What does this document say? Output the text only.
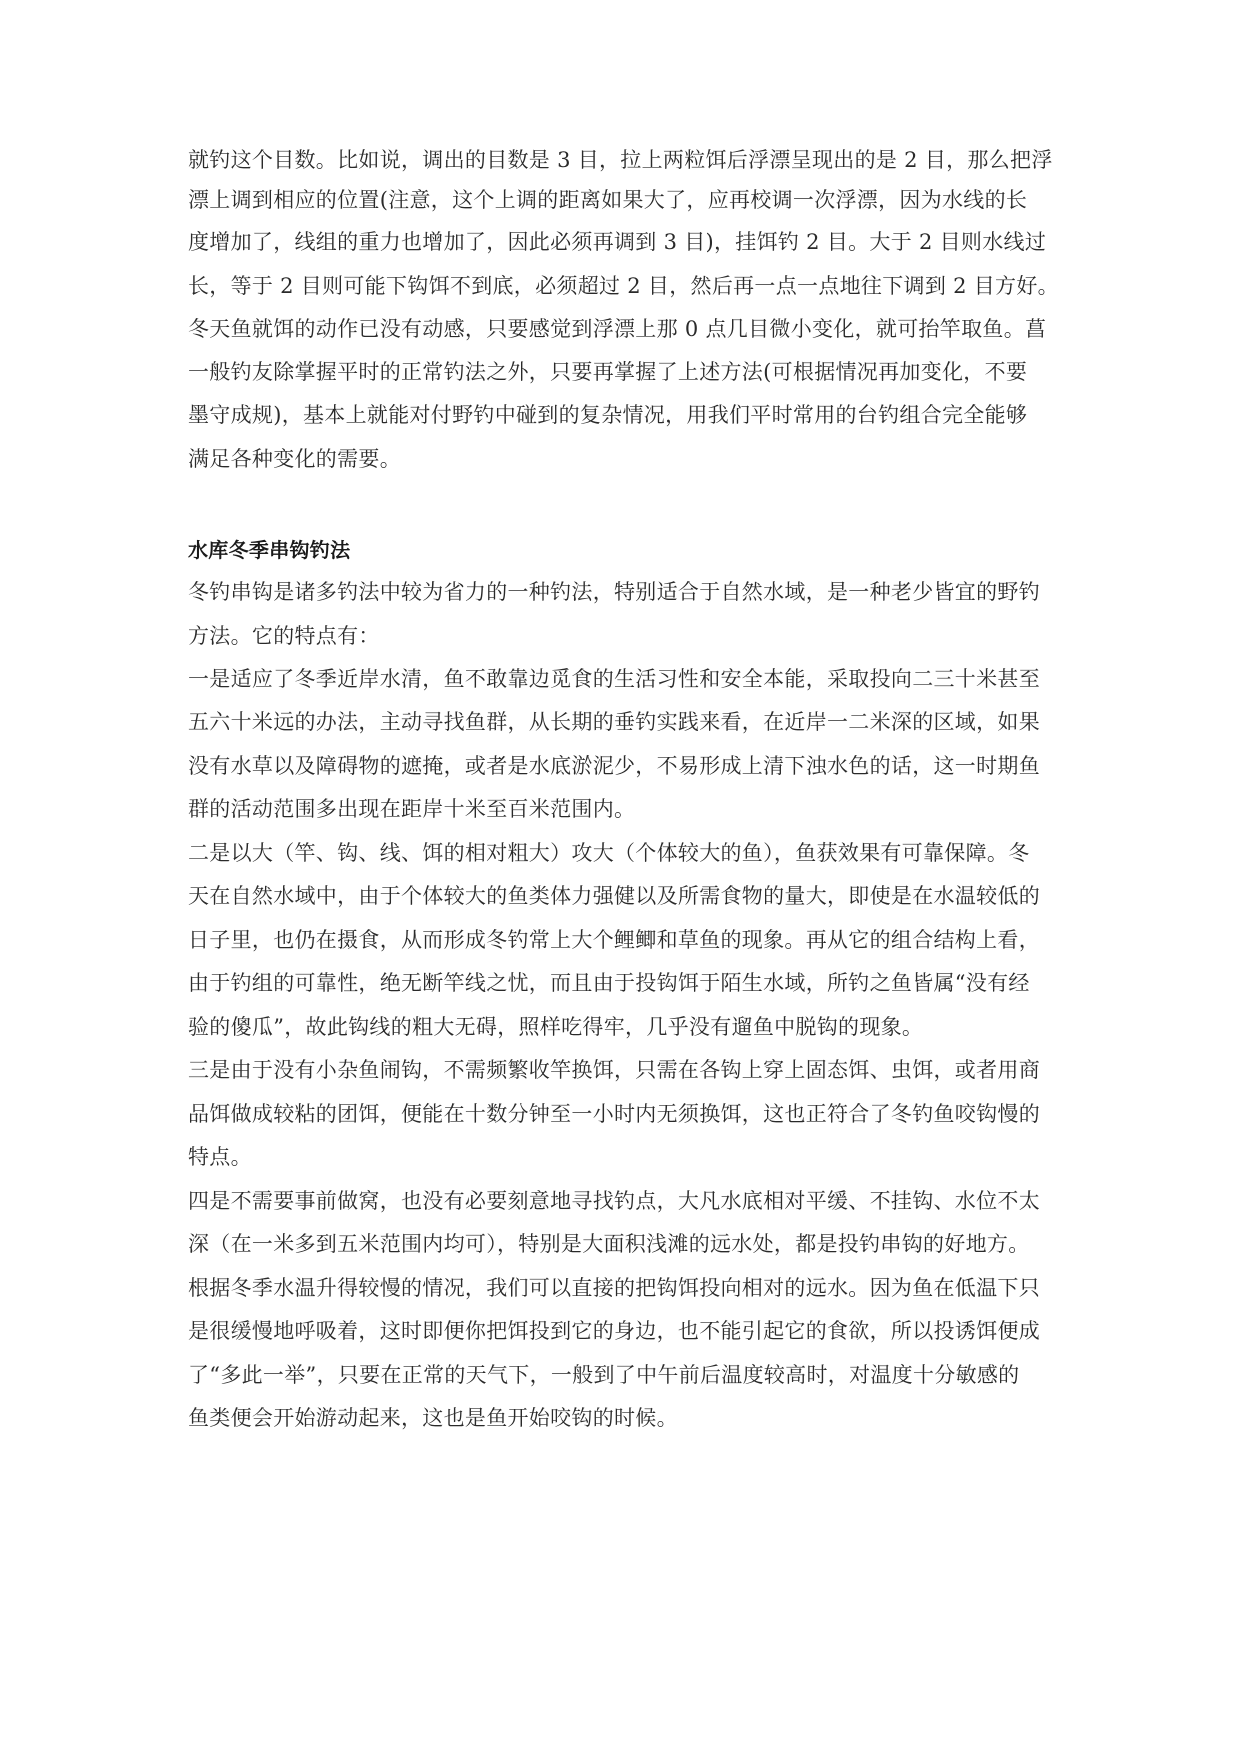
就钓这个目数。比如说，调出的目数是 3 目，拉上两粒饵后浮漂呈现出的是 2 目，那么把浮
漂上调到相应的位置(注意，这个上调的距离如果大了，应再校调一次浮漂，因为水线的长
度增加了，线组的重力也增加了，因此必须再调到 3 目)，挂饵钓 2 目。大于 2 目则水线过
长，等于 2 目则可能下钩饵不到底，必须超过 2 目，然后再一点一点地往下调到 2 目方好。
冬天鱼就饵的动作已没有动感，只要感觉到浮漂上那 0 点几目微小变化，就可抬竿取鱼。菖
一般钓友除掌握平时的正常钓法之外，只要再掌握了上述方法(可根据情况再加变化，不要
墨守成规)，基本上就能对付野钓中碰到的复杂情况，用我们平时常用的台钓组合完全能够
满足各种变化的需要。
水库冬季串钩钓法
冬钓串钩是诸多钓法中较为省力的一种钓法，特别适合于自然水域，是一种老少皆宜的野钓
方法。它的特点有：
一是适应了冬季近岸水清，鱼不敢靠边觅食的生活习性和安全本能，采取投向二三十米甚至
五六十米远的办法，主动寻找鱼群，从长期的垂钓实践来看，在近岸一二米深的区域，如果
没有水草以及障碍物的遮掩，或者是水底淤泥少，不易形成上清下浊水色的话，这一时期鱼
群的活动范围多出现在距岸十米至百米范围内。
二是以大（竿、钩、线、饵的相对粗大）攻大（个体较大的鱼），鱼获效果有可靠保障。冬
天在自然水域中，由于个体较大的鱼类体力强健以及所需食物的量大，即使是在水温较低的
日子里，也仍在摄食，从而形成冬钓常上大个鲤鲫和草鱼的现象。再从它的组合结构上看，
由于钓组的可靠性，绝无断竿线之忧，而且由于投钩饵于陌生水域，所钓之鱼皆属“没有经
验的傻瓜”，故此钩线的粗大无碍，照样吃得牢，几乎没有遛鱼中脱钩的现象。
三是由于没有小杂鱼闹钩，不需频繁收竿换饵，只需在各钩上穿上固态饵、虫饵，或者用商
品饵做成较粘的团饵，便能在十数分钟至一小时内无须换饵，这也正符合了冬钓鱼咬钩慢的
特点。
四是不需要事前做窝，也没有必要刻意地寻找钓点，大凡水底相对平缓、不挂钩、水位不太
深（在一米多到五米范围内均可），特别是大面积浅滩的远水处，都是投钓串钩的好地方。
根据冬季水温升得较慢的情况，我们可以直接的把钩饵投向相对的远水。因为鱼在低温下只
是很缓慢地呼吸着，这时即便你把饵投到它的身边，也不能引起它的食欲，所以投诱饵便成
了“多此一举”，只要在正常的天气下，一般到了中午前后温度较高时，对温度十分敏感的
鱼类便会开始游动起来，这也是鱼开始咬钩的时候。
